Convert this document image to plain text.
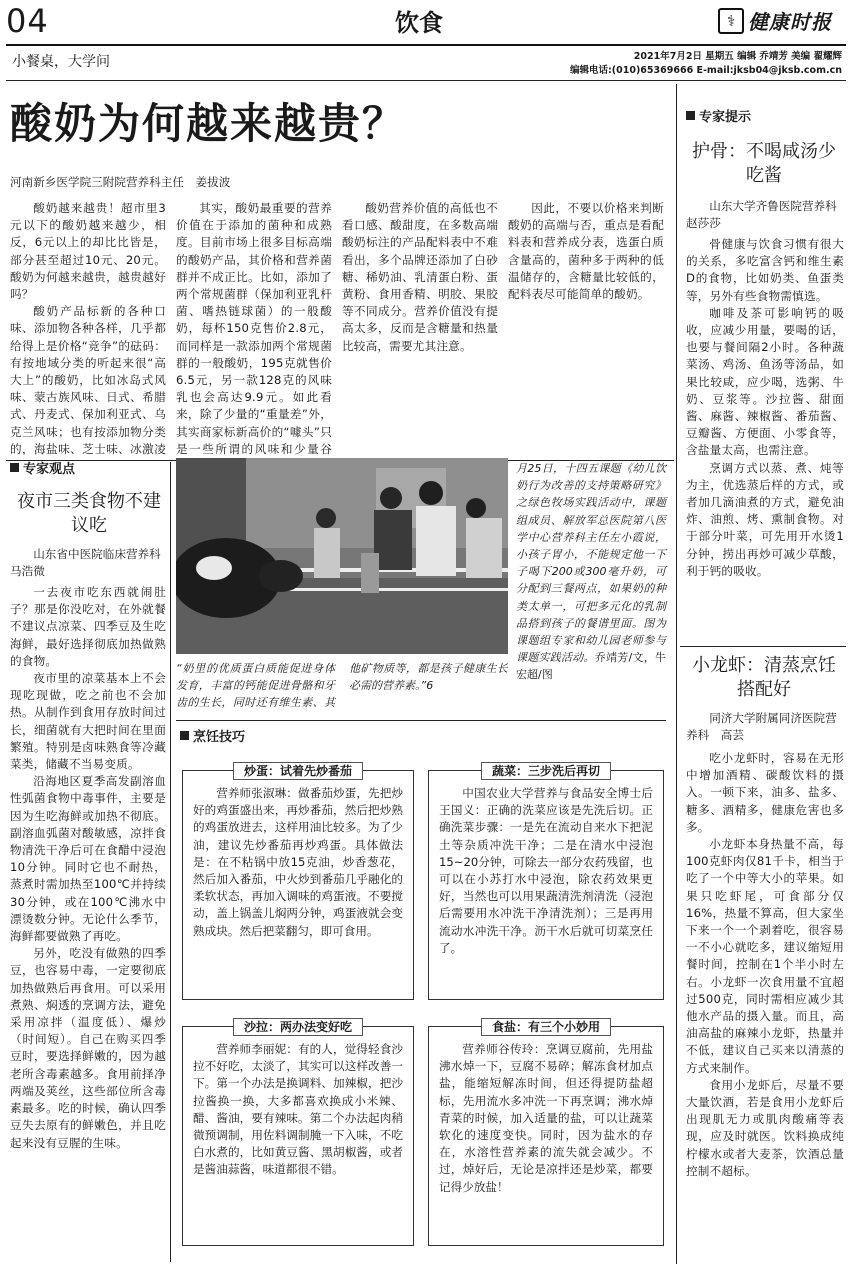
04	饮食	⚕ 健康时报
小餐桌，大学问	2021年7月2日 星期五 编辑 乔靖芳 美编 翟耀辉
编辑电话:(010)65369666 E-mail:jksb04@jksb.com.cn
酸奶为何越来越贵？
河南新乡医学院三附院营养科主任　姜拔波

酸奶越来越贵！超市里3元以下的酸奶越来越少，相反，6元以上的却比比皆是，部分甚至超过10元、20元。酸奶为何越来越贵，越贵越好吗？

酸奶产品标新的各种口味、添加物各种各样，几乎都给得上是价格“竞争”的砝码：有按地域分类的听起来很“高大上”的酸奶，比如冰岛式风味、蒙古族风味、日式、希腊式、丹麦式、保加利亚式、乌克兰风味；也有按添加物分类的，海盐味、芝士味、冰激凌

其实，酸奶最重要的营养价值在于添加的菌种和成熟度。目前市场上很多目标高端的酸奶产品，其价格和营养菌群并不成正比。比如，添加了两个常规菌群（保加利亚乳杆菌、嗜热链球菌）的一般酸奶，每杯150克售价2.8元，而同样是一款添加两个常规菌群的一般酸奶，195克就售价6.5元，另一款128克的风味乳也会高达9.9元。如此看来，除了少量的“重量差”外，其实商家标新高价的“噱头”只是一些所谓的风味和少量谷

酸奶营养价值的高低也不看口感、酸甜度，在多数高端酸奶标注的产品配料表中不难看出，多个品牌还添加了白砂糖、稀奶油、乳清蛋白粉、蛋黄粉、食用香精、明胶、果胶等不同成分。营养价值没有提高太多，反而是含糖量和热量比较高，需要尤其注意。

因此，不要以价格来判断酸奶的高端与否，重点是看配料表和营养成分表，选蛋白质含量高的，菌种多于两种的低温储存的，含糖量比较低的，配料表尽可能简单的酸奶。

专家观点
夜市三类食物不建议吃
山东省中医院临床营养科　马浩微

一去夜市吃东西就闹肚子？那是你没吃对，在外就餐不建议点凉菜、四季豆及生吃海鲜，最好选择彻底加热做熟的食物。

夜市里的凉菜基本上不会现吃现做，吃之前也不会加热。从制作到食用存放时间过长，细菌就有大把时间在里面繁殖。特别是卤味熟食等冷藏菜类，储藏不当易变质。

沿海地区夏季高发副溶血性弧菌食物中毒事件，主要是因为生吃海鲜或加热不彻底。副溶血弧菌对酸敏感，凉拌食物清洗干净后可在食醋中浸泡10分钟。同时它也不耐热，蒸煮时需加热至100℃并持续30分钟，或在100℃沸水中漂烫数分钟。无论什么季节，海鲜都要做熟了再吃。

另外，吃没有做熟的四季豆，也容易中毒，一定要彻底加热做熟后再食用。可以采用煮熟、焖透的烹调方法，避免采用凉拌（温度低）、爆炒（时间短）。自己在购买四季豆时，要选择鲜嫩的，因为越老所含毒素越多。食用前择净两端及荚丝，这些部位所含毒素最多。吃的时候，确认四季豆失去原有的鲜嫩色，并且吃起来没有豆腥的生味。

“奶里的优质蛋白质能促进身体发育，丰富的钙能促进骨骼和牙齿的生长，同时还有维生素、其他矿物质等，都是孩子健康生长必需的营养素。”6
月25日，十四五课题《幼儿饮奶行为改善的支持策略研究》之绿色牧场实践活动中，课题组成员、解放军总医院第八医学中心营养科主任左小霞说，小孩子胃小，不能规定他一下子喝下200或300毫升奶，可分配到三餐两点，如果奶的种类太单一，可把多元化的乳制品搭到孩子的餐谱里面。图为课题组专家和幼儿园老师参与课题实践活动。乔靖芳/文，牛宏超/图
烹饪技巧
炒蛋：试着先炒番茄

营养师张淑琳：做番茄炒蛋，先把炒好的鸡蛋盛出来，再炒番茄，然后把炒熟的鸡蛋放进去，这样用油比较多。为了少油，建议先炒番茄再炒鸡蛋。具体做法是：在不粘锅中放15克油，炒香葱花，然后加入番茄，中火炒到番茄几乎融化的柔软状态，再加入调味的鸡蛋液。不要搅动，盖上锅盖儿焖两分钟，鸡蛋液就会变熟成块。然后把菜翻匀，即可食用。

蔬菜：三步洗后再切

中国农业大学营养与食品安全博士后王国义：正确的洗菜应该是先洗后切。正确洗菜步骤：一是先在流动自来水下把泥土等杂质冲洗干净；二是在清水中浸泡15~20分钟，可除去一部分农药残留，也可以在小苏打水中浸泡，除农药效果更好，当然也可以用果蔬清洗剂清洗（浸泡后需要用水冲洗干净清洗剂）；三是再用流动水冲洗干净。沥干水后就可切菜烹任了。

沙拉：两办法变好吃

营养师李丽妮：有的人，觉得轻食沙拉不好吃，太淡了，其实可以这样改善一下。第一个办法是换调料、加辣椒，把沙拉酱换一换，大多都喜欢换成小米辣、醋、酱油，要有辣味。第二个办法起肉稍微预调制，用佐料调制腌一下入味，不吃白水煮的，比如黄豆酱、黑胡椒酱，或者是酱油蒜酱，味道都很不错。

食盐：有三个小妙用

营养师谷传玲：烹调豆腐前，先用盐沸水焯一下，豆腐不易碎；解冻食材加点盐，能缩短解冻时间，但还得提防盐超标，先用流水多冲洗一下再烹调；沸水焯青菜的时候，加入适量的盐，可以让蔬菜软化的速度变快。同时，因为盐水的存在，水溶性营养素的流失就会减少。不过，焯好后，无论是凉拌还是炒菜，都要记得少放盐！

专家提示
护骨：不喝咸汤少吃酱
山东大学齐鲁医院营养科　赵莎莎

骨健康与饮食习惯有很大的关系，多吃富含钙和维生素D的食物，比如奶类、鱼蛋类等，另外有些食物需慎选。

咖啡及茶可影响钙的吸收，应减少用量，要喝的话，也要与餐间隔2小时。各种蔬菜汤、鸡汤、鱼汤等汤品，如果比较咸，应少喝，选粥、牛奶、豆浆等。沙拉酱、甜面酱、麻酱、辣椒酱、番茄酱、豆瓣酱、方便面、小零食等，含盐量太高，也需注意。

烹调方式以蒸、煮、炖等为主，优选蒸后样的方式，或者加几滴油煮的方式，避免油炸、油煎、烤、熏制食物。对于部分叶菜，可先用开水烫1分钟，捞出再炒可减少草酸，利于钙的吸收。

小龙虾：清蒸烹饪搭配好
同济大学附属同济医院营养科　高芸

吃小龙虾时，容易在无形中增加酒精、碳酸饮料的摄入。一顿下来，油多、盐多、糖多、酒精多，健康危害也多多。

小龙虾本身热量不高，每100克虾肉仅81千卡，相当于吃了一个中等大小的苹果。如果只吃虾尾，可食部分仅16%，热量不算高，但大家坐下来一个一个剥着吃，很容易一不小心就吃多，建议缩短用餐时间，控制在1个半小时左右。小龙虾一次食用量不宜超过500克，同时需相应减少其他水产品的摄入量。而且，高油高盐的麻辣小龙虾，热量并不低，建议自己买来以清蒸的方式来制作。

食用小龙虾后，尽量不要大量饮酒，若是食用小龙虾后出现肌无力或肌肉酸痛等表现，应及时就医。饮料换成纯柠檬水或者大麦茶，饮酒总量控制不超标。
